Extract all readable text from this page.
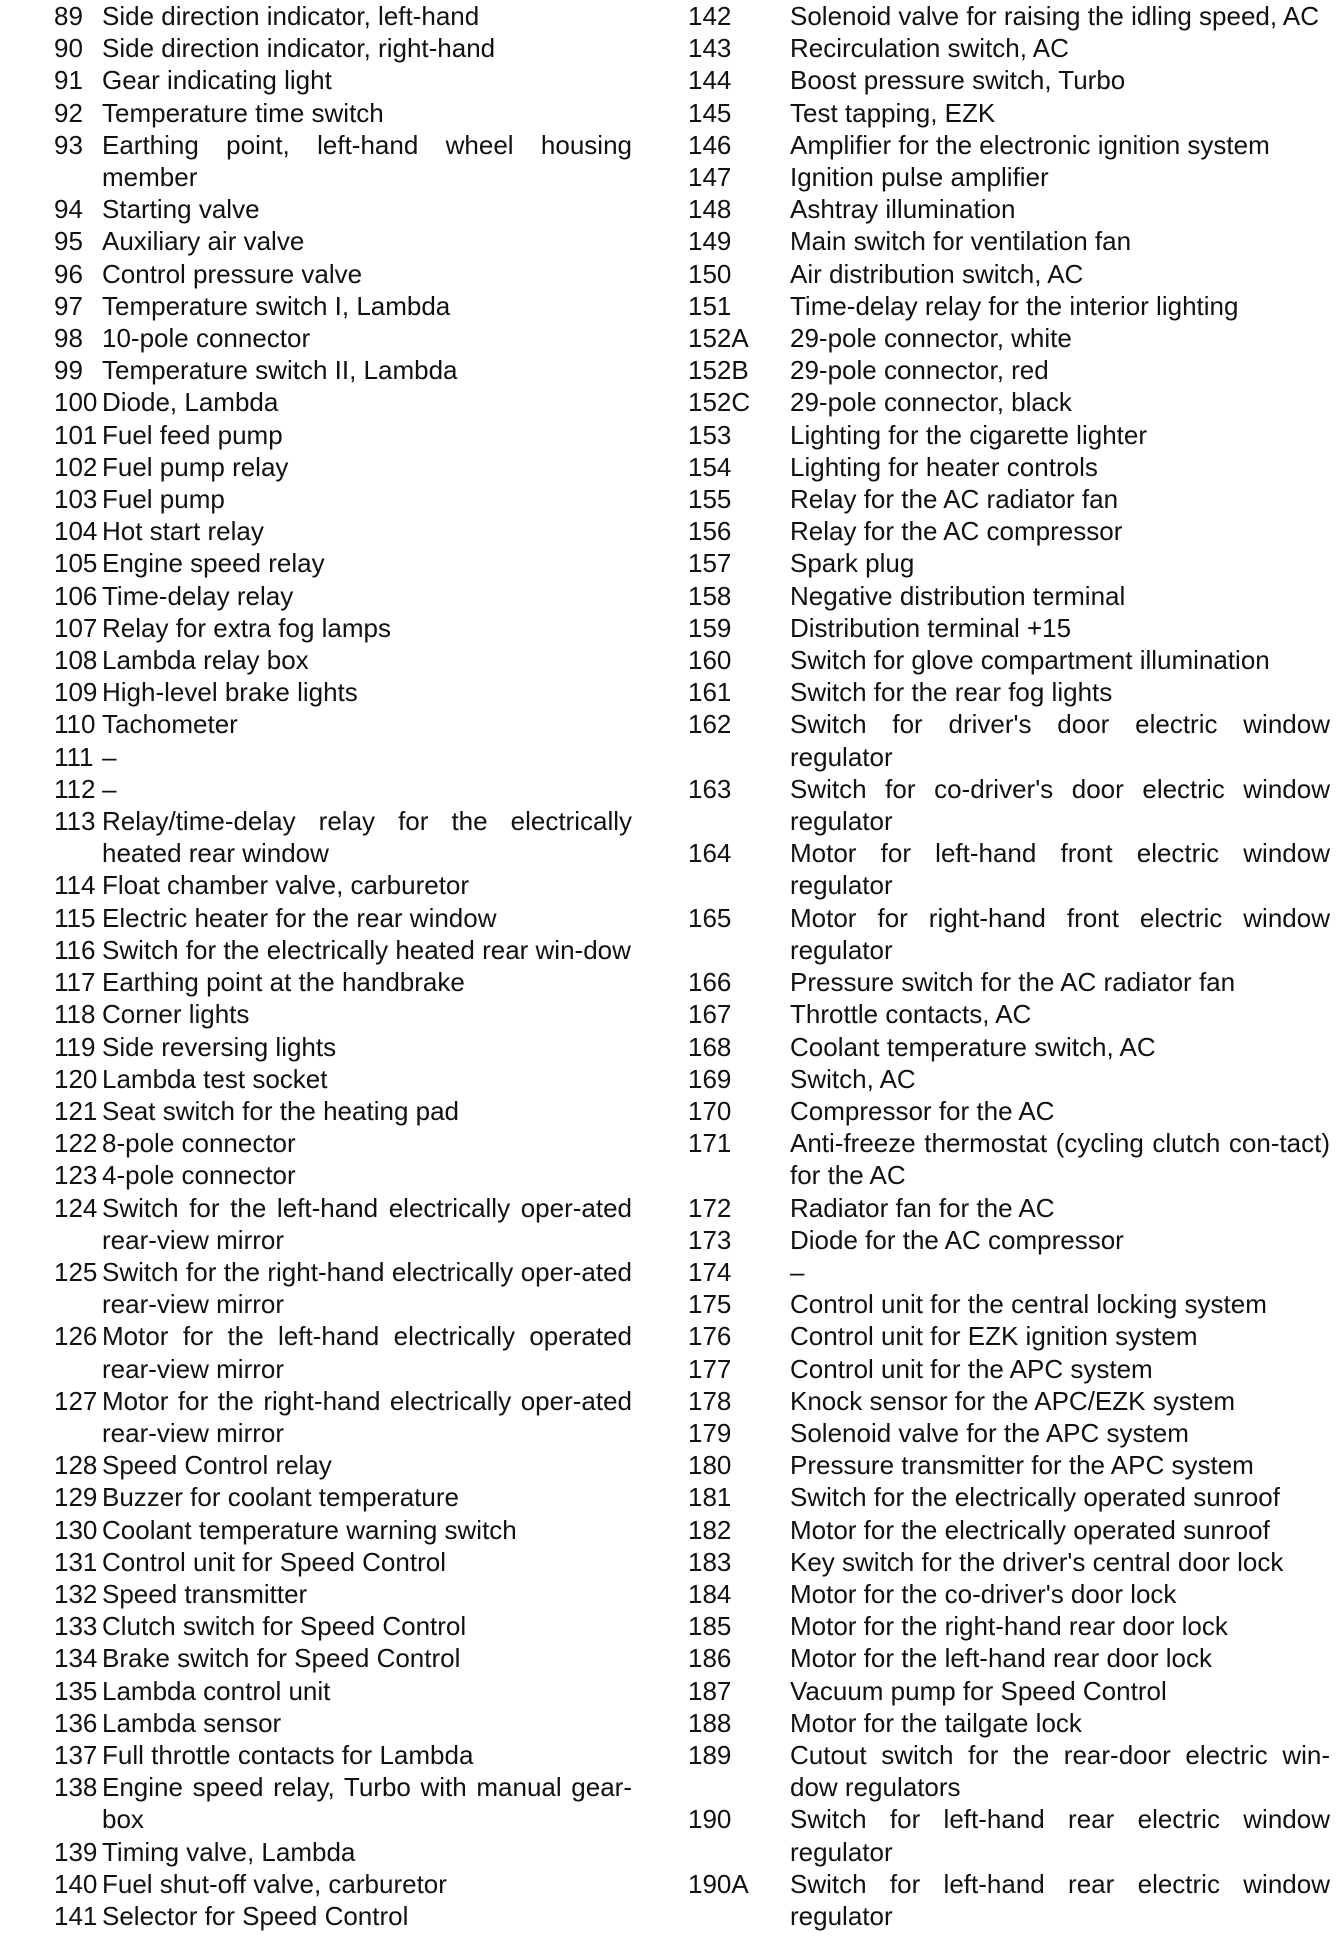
89 Side direction indicator, left-hand
90 Side direction indicator, right-hand
91 Gear indicating light
92 Temperature time switch
93 Earthing point, left-hand wheel housing member
94 Starting valve
95 Auxiliary air valve
96 Control pressure valve
97 Temperature switch I, Lambda
98 10-pole connector
99 Temperature switch II, Lambda
100 Diode, Lambda
101 Fuel feed pump
102 Fuel pump relay
103 Fuel pump
104 Hot start relay
105 Engine speed relay
106 Time-delay relay
107 Relay for extra fog lamps
108 Lambda relay box
109 High-level brake lights
110 Tachometer
111 –
112 –
113 Relay/time-delay relay for the electrically heated rear window
114 Float chamber valve, carburetor
115 Electric heater for the rear window
116 Switch for the electrically heated rear win-dow
117 Earthing point at the handbrake
118 Corner lights
119 Side reversing lights
120 Lambda test socket
121 Seat switch for the heating pad
122 8-pole connector
123 4-pole connector
124 Switch for the left-hand electrically oper-ated rear-view mirror
125 Switch for the right-hand electrically oper-ated rear-view mirror
126 Motor for the left-hand electrically operated rear-view mirror
127 Motor for the right-hand electrically oper-ated rear-view mirror
128 Speed Control relay
129 Buzzer for coolant temperature
130 Coolant temperature warning switch
131 Control unit for Speed Control
132 Speed transmitter
133 Clutch switch for Speed Control
134 Brake switch for Speed Control
135 Lambda control unit
136 Lambda sensor
137 Full throttle contacts for Lambda
138 Engine speed relay, Turbo with manual gear-box
139 Timing valve, Lambda
140 Fuel shut-off valve, carburetor
141 Selector for Speed Control
142	Solenoid valve for raising the idling speed, AC
143	Recirculation switch, AC
144	Boost pressure switch, Turbo
145	Test tapping, EZK
146	Amplifier for the electronic ignition system
147	Ignition pulse amplifier
148	Ashtray illumination
149	Main switch for ventilation fan
150	Air distribution switch, AC
151	Time-delay relay for the interior lighting
152A	29-pole connector, white
152B	29-pole connector, red
152C	29-pole connector, black
153	Lighting for the cigarette lighter
154	Lighting for heater controls
155	Relay for the AC radiator fan
156	Relay for the AC compressor
157	Spark plug
158	Negative distribution terminal
159	Distribution terminal +15
160	Switch for glove compartment illumination
161	Switch for the rear fog lights
162	Switch for driver's door electric window regulator
163	Switch for co-driver's door electric window regulator
164	Motor for left-hand front electric window regulator
165	Motor for right-hand front electric window regulator
166	Pressure switch for the AC radiator fan
167	Throttle contacts, AC
168	Coolant temperature switch, AC
169	Switch, AC
170	Compressor for the AC
171	Anti-freeze thermostat (cycling clutch con-tact) for the AC
172	Radiator fan for the AC
173	Diode for the AC compressor
174	–
175	Control unit for the central locking system
176	Control unit for EZK ignition system
177	Control unit for the APC system
178	Knock sensor for the APC/EZK system
179	Solenoid valve for the APC system
180	Pressure transmitter for the APC system
181	Switch for the electrically operated sunroof
182	Motor for the electrically operated sunroof
183	Key switch for the driver's central door lock
184	Motor for the co-driver's door lock
185	Motor for the right-hand rear door lock
186	Motor for the left-hand rear door lock
187	Vacuum pump for Speed Control
188	Motor for the tailgate lock
189	Cutout switch for the rear-door electric win-dow regulators
190	Switch for left-hand rear electric window regulator
190A	Switch for left-hand rear electric window regulator
